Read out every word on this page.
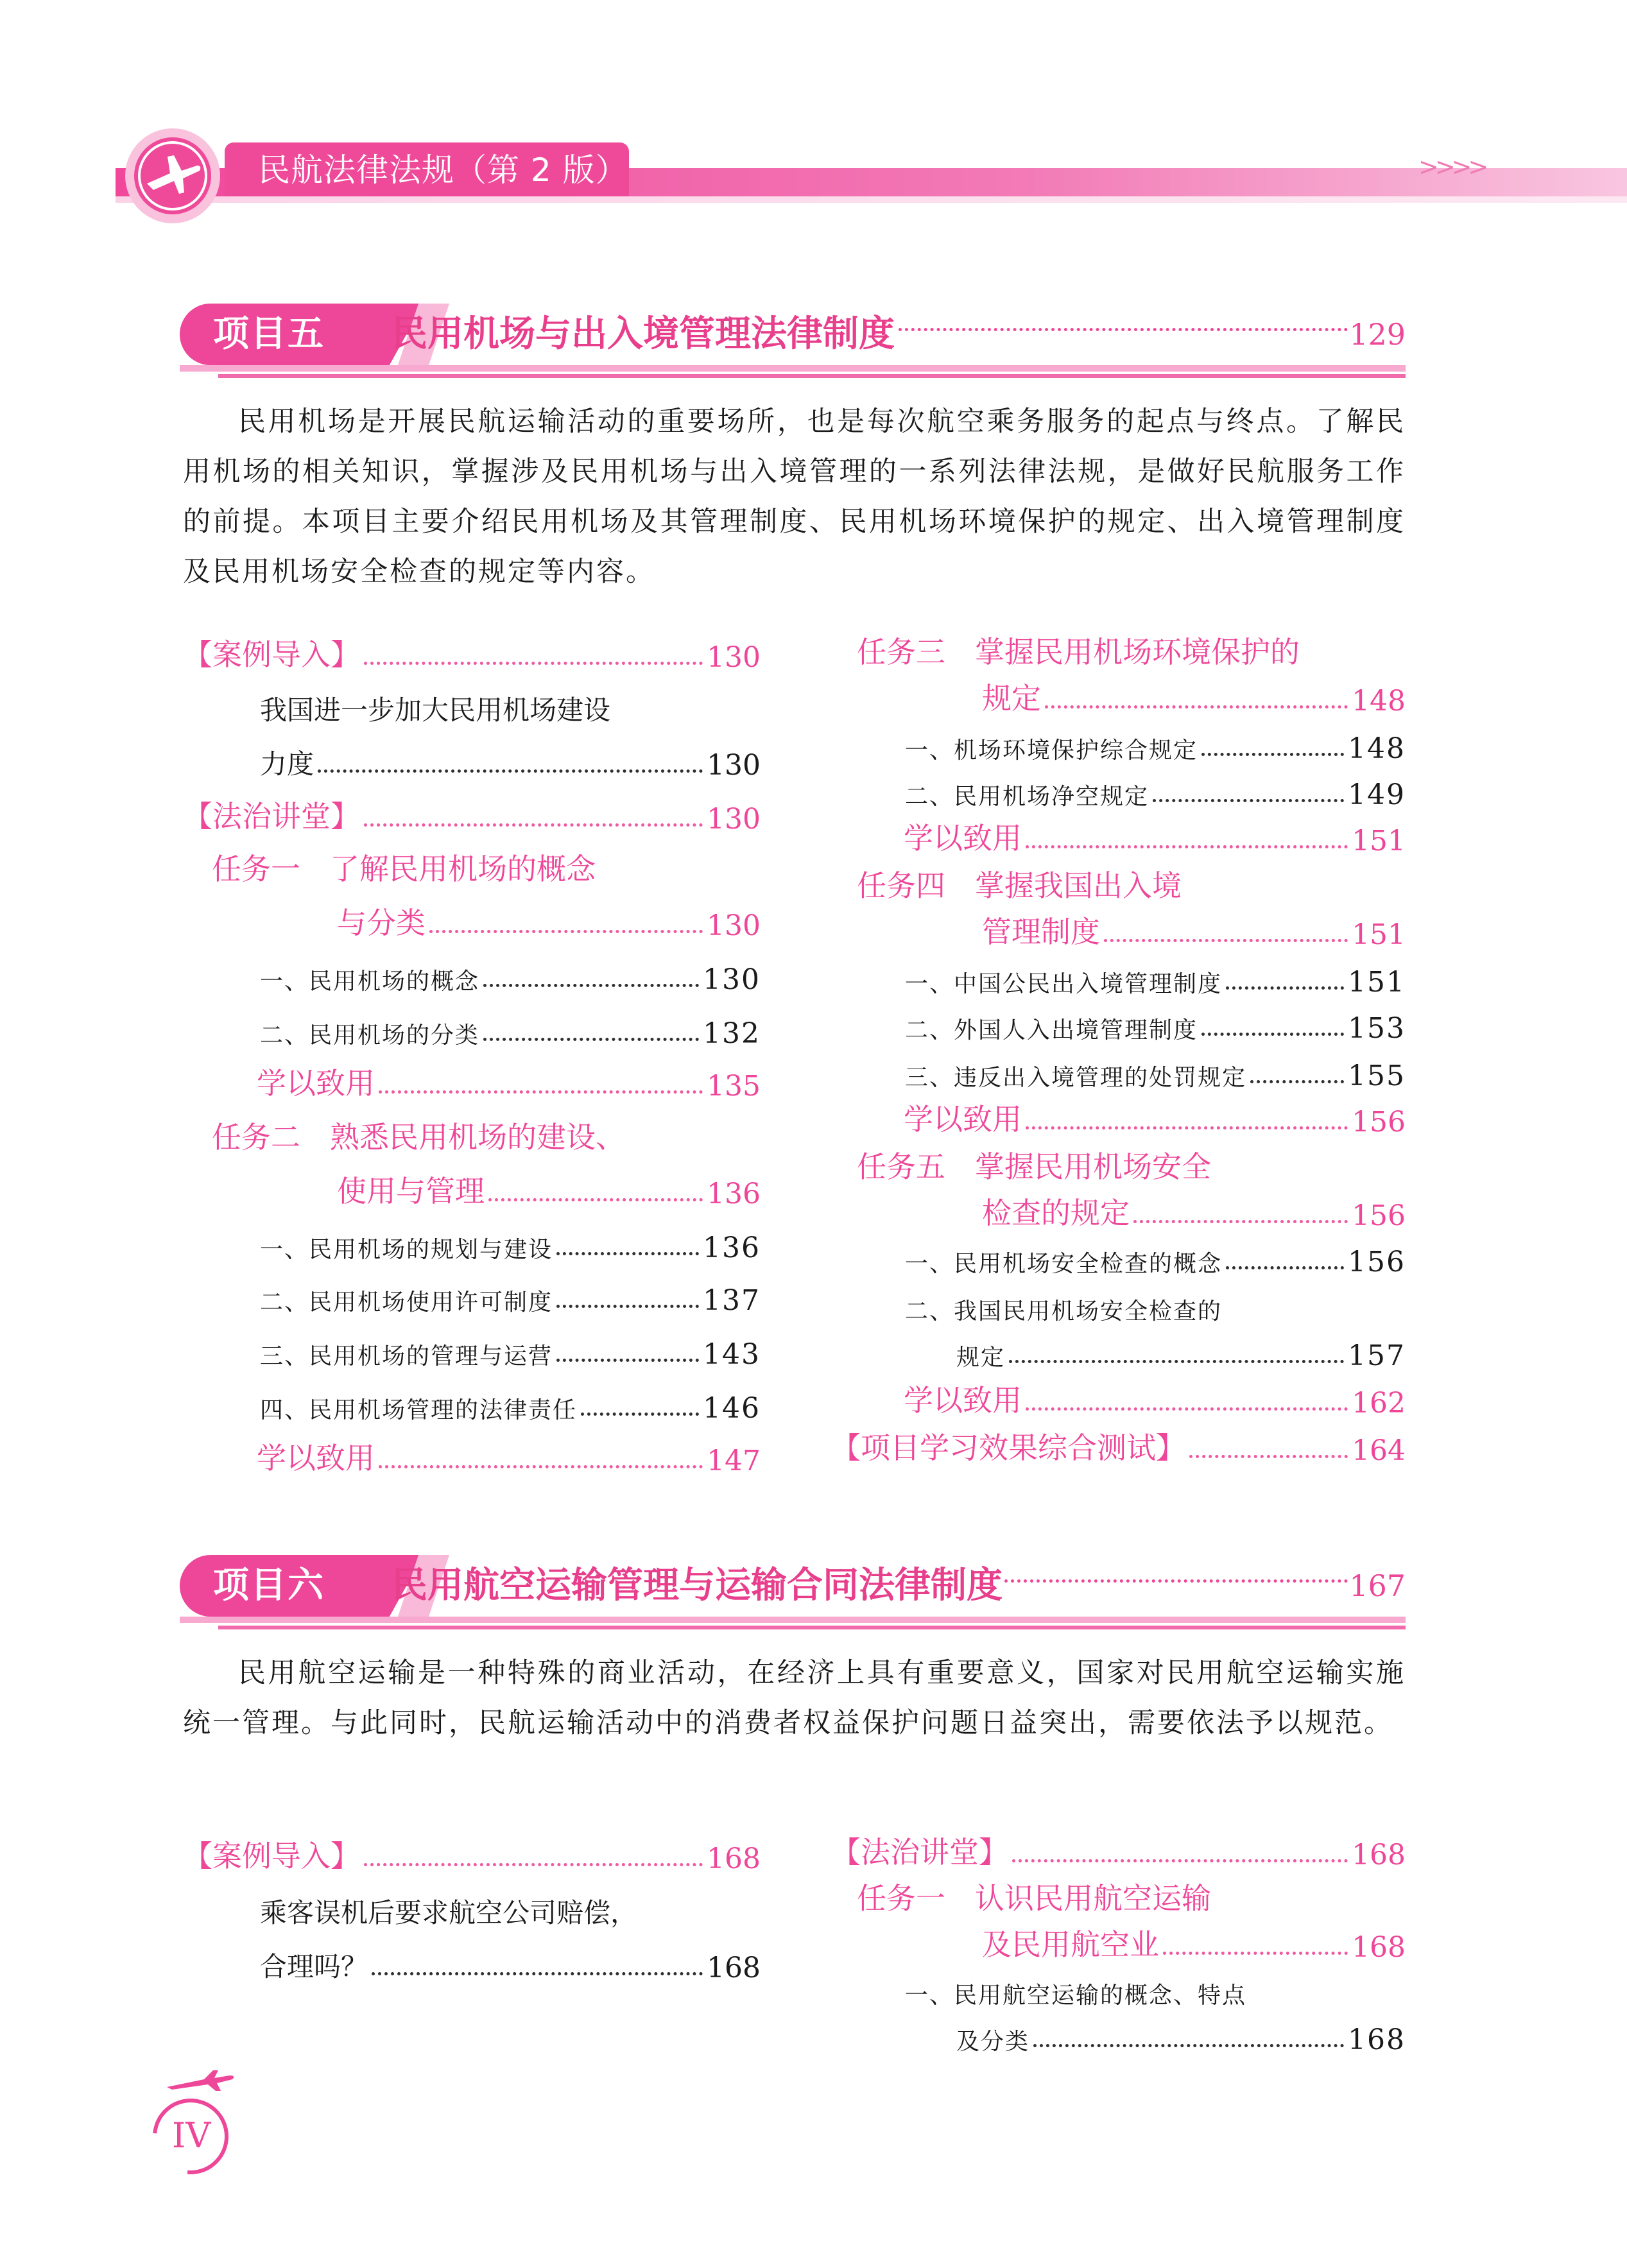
民航法律法规（第 2 版）	>>>>
项目五 民用机场与出入境管理法律制度	129

民用机场是开展民航运输活动的重要场所，也是每次航空乘务服务的起点与终点。了解民用机场的相关知识，掌握涉及民用机场与出入境管理的一系列法律法规，是做好民航服务工作的前提。本项目主要介绍民用机场及其管理制度、民用机场环境保护的规定、出入境管理制度及民用机场安全检查的规定等内容。

【案例导入】	130
我国进一步加大民用机场建设
力度	130
【法治讲堂】	130
任务一　了解民用机场的概念
与分类	130
一、民用机场的概念	130
二、民用机场的分类	132
学以致用	135
任务二　熟悉民用机场的建设、
使用与管理	136
一、民用机场的规划与建设	136
二、民用机场使用许可制度	137
三、民用机场的管理与运营	143
四、民用机场管理的法律责任	146
学以致用	147
任务三　掌握民用机场环境保护的
规定	148
一、机场环境保护综合规定	148
二、民用机场净空规定	149
学以致用	151
任务四　掌握我国出入境
管理制度	151
一、中国公民出入境管理制度	151
二、外国人入出境管理制度	153
三、违反出入境管理的处罚规定	155
学以致用	156
任务五　掌握民用机场安全
检查的规定	156
一、民用机场安全检查的概念	156
二、我国民用机场安全检查的
规定	157
学以致用	162
【项目学习效果综合测试】	164
项目六 民用航空运输管理与运输合同法律制度	167

民用航空运输是一种特殊的商业活动，在经济上具有重要意义，国家对民用航空运输实施统一管理。与此同时，民航运输活动中的消费者权益保护问题日益突出，需要依法予以规范。

【案例导入】	168
乘客误机后要求航空公司赔偿，
合理吗？	168
【法治讲堂】	168
任务一　认识民用航空运输
及民用航空业	168
一、民用航空运输的概念、特点
及分类	168
IV
